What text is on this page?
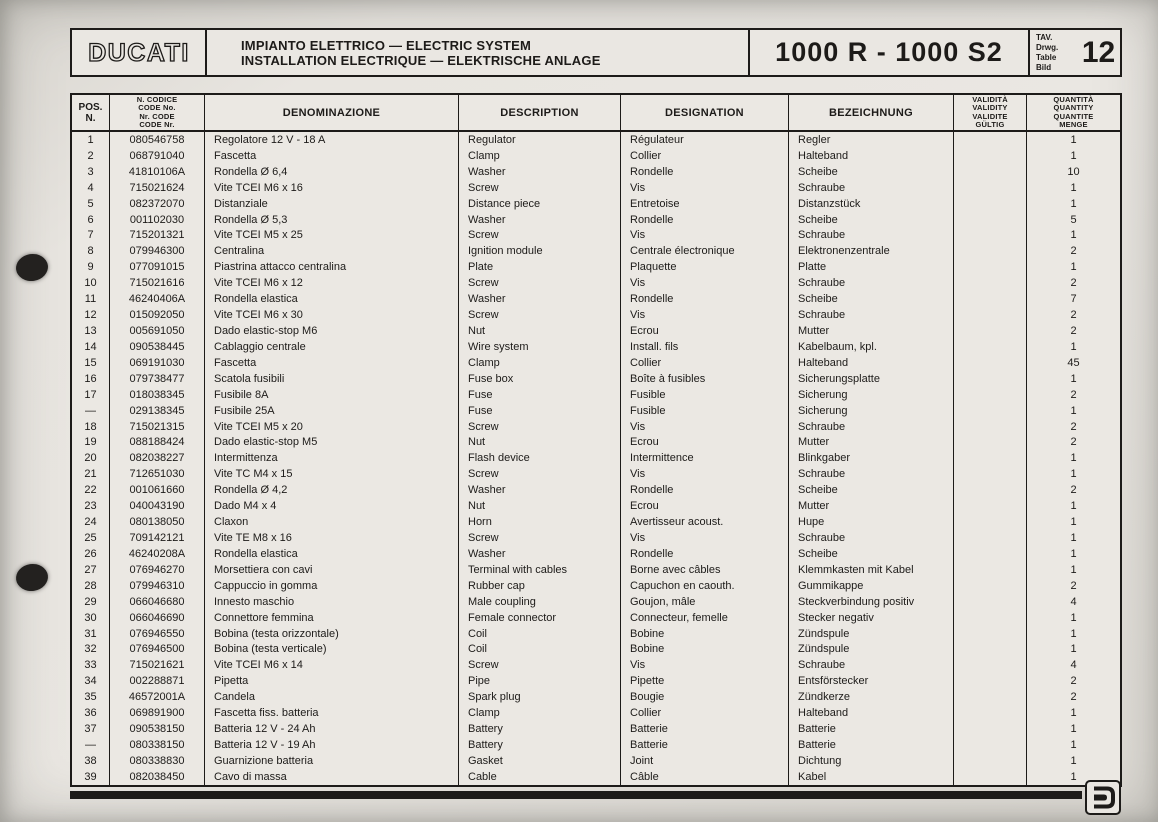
DUCATI	IMPIANTO ELETTRICO — ELECTRIC SYSTEM
INSTALLATION ELECTRIQUE — ELEKTRISCHE ANLAGE	1000 R - 1000 S2	TAV.
Drwg.
Table
Bild	12
POS.
N.
N. CODICE
CODE No.
Nr. CODE
CODE Nr.
DENOMINAZIONE	DESCRIPTION	DESIGNATION	BEZEICHNUNG
VALIDITÀ
VALIDITY
VALIDITE
GÜLTIG
QUANTITÀ
QUANTITY
QUANTITE
MENGE
1	080546758	Regolatore 12 V - 18 A	Regulator	Régulateur	Regler	1
2	068791040	Fascetta	Clamp	Collier	Halteband	1
3	41810106A	Rondella Ø 6,4	Washer	Rondelle	Scheibe	10
4	715021624	Vite TCEI M6 x 16	Screw	Vis	Schraube	1
5	082372070	Distanziale	Distance piece	Entretoise	Distanzstück	1
6	001102030	Rondella Ø 5,3	Washer	Rondelle	Scheibe	5
7	715201321	Vite TCEI M5 x 25	Screw	Vis	Schraube	1
8	079946300	Centralina	Ignition module	Centrale électronique	Elektronenzentrale	2
9	077091015	Piastrina attacco centralina	Plate	Plaquette	Platte	1
10	715021616	Vite TCEI M6 x 12	Screw	Vis	Schraube	2
11	46240406A	Rondella elastica	Washer	Rondelle	Scheibe	7
12	015092050	Vite TCEI M6 x 30	Screw	Vis	Schraube	2
13	005691050	Dado elastic-stop M6	Nut	Ecrou	Mutter	2
14	090538445	Cablaggio centrale	Wire system	Install. fils	Kabelbaum, kpl.	1
15	069191030	Fascetta	Clamp	Collier	Halteband	45
16	079738477	Scatola fusibili	Fuse box	Boîte à fusibles	Sicherungsplatte	1
17	018038345	Fusibile 8A	Fuse	Fusible	Sicherung	2
—	029138345	Fusibile 25A	Fuse	Fusible	Sicherung	1
18	715021315	Vite TCEI M5 x 20	Screw	Vis	Schraube	2
19	088188424	Dado elastic-stop M5	Nut	Ecrou	Mutter	2
20	082038227	Intermittenza	Flash device	Intermittence	Blinkgaber	1
21	712651030	Vite TC M4 x 15	Screw	Vis	Schraube	1
22	001061660	Rondella Ø 4,2	Washer	Rondelle	Scheibe	2
23	040043190	Dado M4 x 4	Nut	Ecrou	Mutter	1
24	080138050	Claxon	Horn	Avertisseur acoust.	Hupe	1
25	709142121	Vite TE M8 x 16	Screw	Vis	Schraube	1
26	46240208A	Rondella elastica	Washer	Rondelle	Scheibe	1
27	076946270	Morsettiera con cavi	Terminal with cables	Borne avec câbles	Klemmkasten mit Kabel	1
28	079946310	Cappuccio in gomma	Rubber cap	Capuchon en caouth.	Gummikappe	2
29	066046680	Innesto maschio	Male coupling	Goujon, mâle	Steckverbindung positiv	4
30	066046690	Connettore femmina	Female connector	Connecteur, femelle	Stecker negativ	1
31	076946550	Bobina (testa orizzontale)	Coil	Bobine	Zündspule	1
32	076946500	Bobina (testa verticale)	Coil	Bobine	Zündspule	1
33	715021621	Vite TCEI M6 x 14	Screw	Vis	Schraube	4
34	002288871	Pipetta	Pipe	Pipette	Entsförstecker	2
35	46572001A	Candela	Spark plug	Bougie	Zündkerze	2
36	069891900	Fascetta fiss. batteria	Clamp	Collier	Halteband	1
37	090538150	Batteria 12 V - 24 Ah	Battery	Batterie	Batterie	1
—	080338150	Batteria 12 V - 19 Ah	Battery	Batterie	Batterie	1
38	080338830	Guarnizione batteria	Gasket	Joint	Dichtung	1
39	082038450	Cavo di massa	Cable	Câble	Kabel	1
